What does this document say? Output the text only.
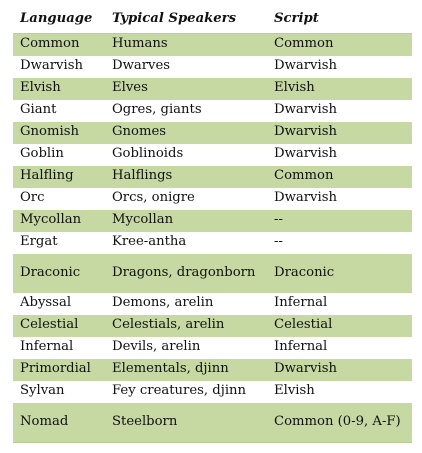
Language	Typical Speakers	Script
Common	Humans	Common
Dwarvish	Dwarves	Dwarvish
Elvish	Elves	Elvish
Giant	Ogres, giants	Dwarvish
Gnomish	Gnomes	Dwarvish
Goblin	Goblinoids	Dwarvish
Halfling	Halflings	Common
Orc	Orcs, onigre	Dwarvish
Mycollan	Mycollan	--
Ergat	Kree-antha	--
Draconic	Dragons, dragonborn	Draconic
Abyssal	Demons, arelin	Infernal
Celestial	Celestials, arelin	Celestial
Infernal	Devils, arelin	Infernal
Primordial	Elementals, djinn	Dwarvish
Sylvan	Fey creatures, djinn	Elvish
Nomad	Steelborn	Common (0-9, A-F)
